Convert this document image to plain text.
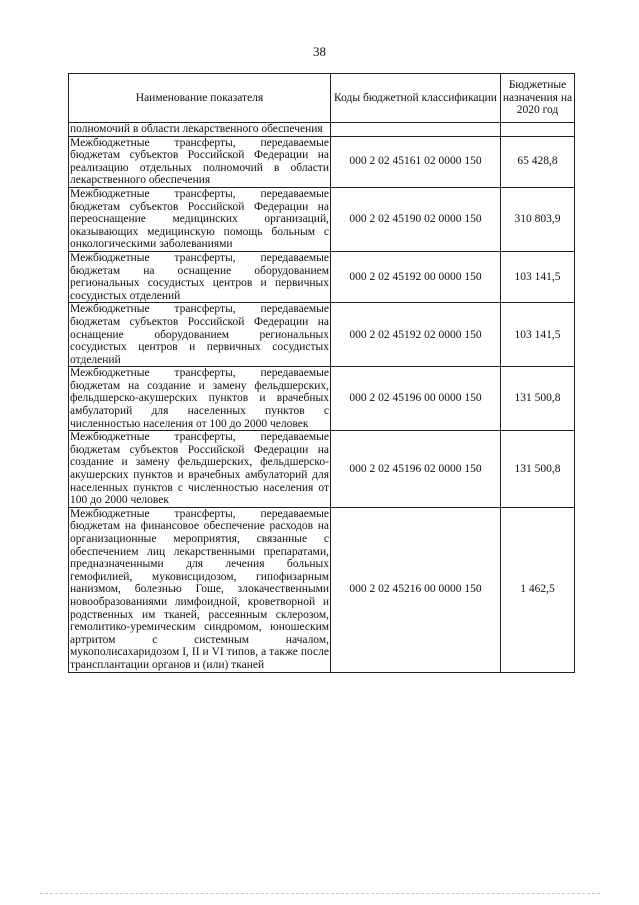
38
Наименование показателя	Коды бюджетной классификации	Бюджетные назначения на 2020 год
полномочий в области лекарственного обеспечения		
Межбюджетные трансферты, передаваемые бюджетам субъектов Российской Федерации на реализацию отдельных полномочий в области лекарственного обеспечения	000 2 02 45161 02 0000 150	65 428,8
Межбюджетные трансферты, передаваемые бюджетам субъектов Российской Федерации на переоснащение медицинских организаций, оказывающих медицинскую помощь больным с онкологическими заболеваниями	000 2 02 45190 02 0000 150	310 803,9
Межбюджетные трансферты, передаваемые бюджетам на оснащение оборудованием региональных сосудистых центров и первичных сосудистых отделений	000 2 02 45192 00 0000 150	103 141,5
Межбюджетные трансферты, передаваемые бюджетам субъектов Российской Федерации на оснащение оборудованием региональных сосудистых центров и первичных сосудистых отделений	000 2 02 45192 02 0000 150	103 141,5
Межбюджетные трансферты, передаваемые бюджетам на создание и замену фельдшерских, фельдшерско-акушерских пунктов и врачебных амбулаторий для населенных пунктов с численностью населения от 100 до 2000 человек	000 2 02 45196 00 0000 150	131 500,8
Межбюджетные трансферты, передаваемые бюджетам субъектов Российской Федерации на создание и замену фельдшерских, фельдшерско-акушерских пунктов и врачебных амбулаторий для населенных пунктов с численностью населения от 100 до 2000 человек	000 2 02 45196 02 0000 150	131 500,8
Межбюджетные трансферты, передаваемые бюджетам на финансовое обеспечение расходов на организационные мероприятия, связанные с обеспечением лиц лекарственными препаратами, предназначенными для лечения больных гемофилией, муковисцидозом, гипофизарным нанизмом, болезнью Гоше, злокачественными новообразованиями лимфоидной, кроветворной и родственных им тканей, рассеянным склерозом, гемолитико-уремическим синдромом, юношеским артритом с системным началом, мукополисахаридозом I, II и VI типов, а также после трансплантации органов и (или) тканей	000 2 02 45216 00 0000 150	1 462,5
